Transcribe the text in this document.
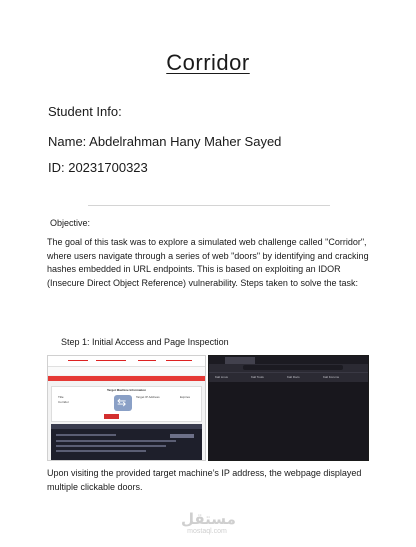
Corridor
Student Info:
Name: Abdelrahman Hany Maher Sayed
ID: 20231700323
Objective:
The goal of this task was to explore a simulated web challenge called "Corridor", where users navigate through a series of web "doors" by identifying and cracking hashes embedded in URL endpoints. This is based on exploiting an IDOR (Insecure Direct Object Reference) vulnerability. Steps taken to solve the task:
Step 1: Initial Access and Page Inspection
Target Machine Information
Title
Corridor
Target IP Address	Expires
⇆
Kali Linux	Kali Tools	Kali Docs	Kali Forums
Upon visiting the provided target machine’s IP address, the webpage displayed multiple clickable doors.
مستقل
mostaql.com
